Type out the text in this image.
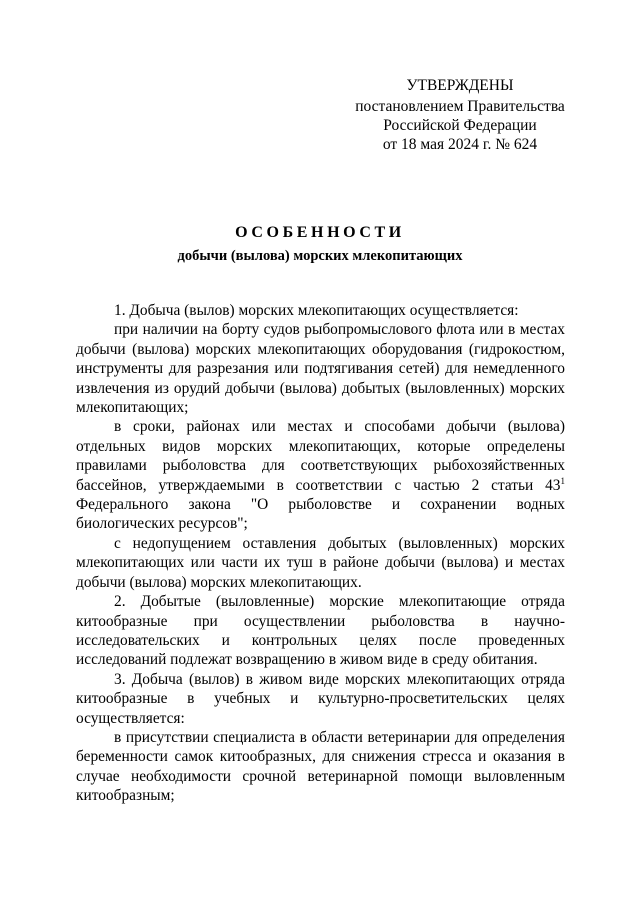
УТВЕРЖДЕНЫ
постановлением Правительства
Российской Федерации
от 18 мая 2024 г. № 624
ОСОБЕННОСТИ
добычи (вылова) морских млекопитающих

1. Добыча (вылов) морских млекопитающих осуществляется:

при наличии на борту судов рыбопромыслового флота или в местах добычи (вылова) морских млекопитающих оборудования (гидрокостюм, инструменты для разрезания или подтягивания сетей) для немедленного извлечения из орудий добычи (вылова) добытых (выловленных) морских млекопитающих;

в сроки, районах или местах и способами добычи (вылова) отдельных видов морских млекопитающих, которые определены правилами рыболовства для соответствующих рыбохозяйственных бассейнов, утверждаемыми в соответствии с частью 2 статьи $43^1$ Федерального закона "О рыболовстве и сохранении водных биологических ресурсов";

с недопущением оставления добытых (выловленных) морских млекопитающих или части их туш в районе добычи (вылова) и местах добычи (вылова) морских млекопитающих.

2. Добытые (выловленные) морские млекопитающие отряда китообразные при осуществлении рыболовства в научно-исследовательских и контрольных целях после проведенных исследований подлежат возвращению в живом виде в среду обитания.

3. Добыча (вылов) в живом виде морских млекопитающих отряда китообразные в учебных и культурно-просветительских целях осуществляется:

в присутствии специалиста в области ветеринарии для определения беременности самок китообразных, для снижения стресса и оказания в случае необходимости срочной ветеринарной помощи выловленным китообразным;
